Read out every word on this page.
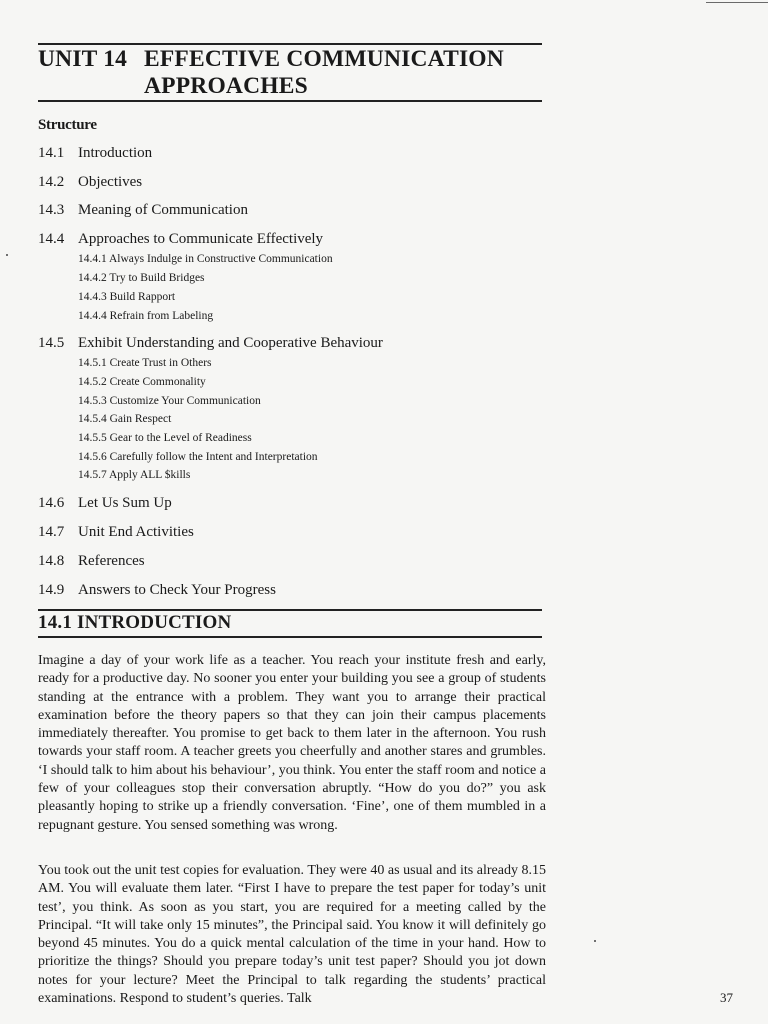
UNIT 14 EFFECTIVE COMMUNICATION
APPROACHES
Structure
14.1 Introduction
14.2 Objectives
14.3 Meaning of Communication
14.4 Approaches to Communicate Effectively
14.4.1 Always Indulge in Constructive Communication
14.4.2 Try to Build Bridges
14.4.3 Build Rapport
14.4.4 Refrain from Labeling
14.5 Exhibit Understanding and Cooperative Behaviour
14.5.1 Create Trust in Others
14.5.2 Create Commonality
14.5.3 Customize Your Communication
14.5.4 Gain Respect
14.5.5 Gear to the Level of Readiness
14.5.6 Carefully follow the Intent and Interpretation
14.5.7 Apply ALL $kills
14.6 Let Us Sum Up
14.7 Unit End Activities
14.8 References
14.9 Answers to Check Your Progress
14.1 INTRODUCTION

Imagine a day of your work life as a teacher. You reach your institute fresh and early, ready for a productive day. No sooner you enter your building you see a group of students standing at the entrance with a problem. They want you to arrange their practical examination before the theory papers so that they can join their campus placements immediately thereafter. You promise to get back to them later in the afternoon. You rush towards your staff room. A teacher greets you cheerfully and another stares and grumbles. ‘I should talk to him about his behaviour’, you think. You enter the staff room and notice a few of your colleagues stop their conversation abruptly. “How do you do?” you ask pleasantly hoping to strike up a friendly conversation. ‘Fine’, one of them mumbled in a repugnant gesture. You sensed something was wrong.

You took out the unit test copies for evaluation. They were 40 as usual and its already 8.15 AM. You will evaluate them later. “First I have to prepare the test paper for today’s unit test’, you think. As soon as you start, you are required for a meeting called by the Principal. “It will take only 15 minutes”, the Principal said. You know it will definitely go beyond 45 minutes. You do a quick mental calculation of the time in your hand. How to prioritize the things? Should you prepare today’s unit test paper? Should you jot down notes for your lecture? Meet the Principal to talk regarding the students’ practical examinations. Respond to student’s queries. Talk	37
